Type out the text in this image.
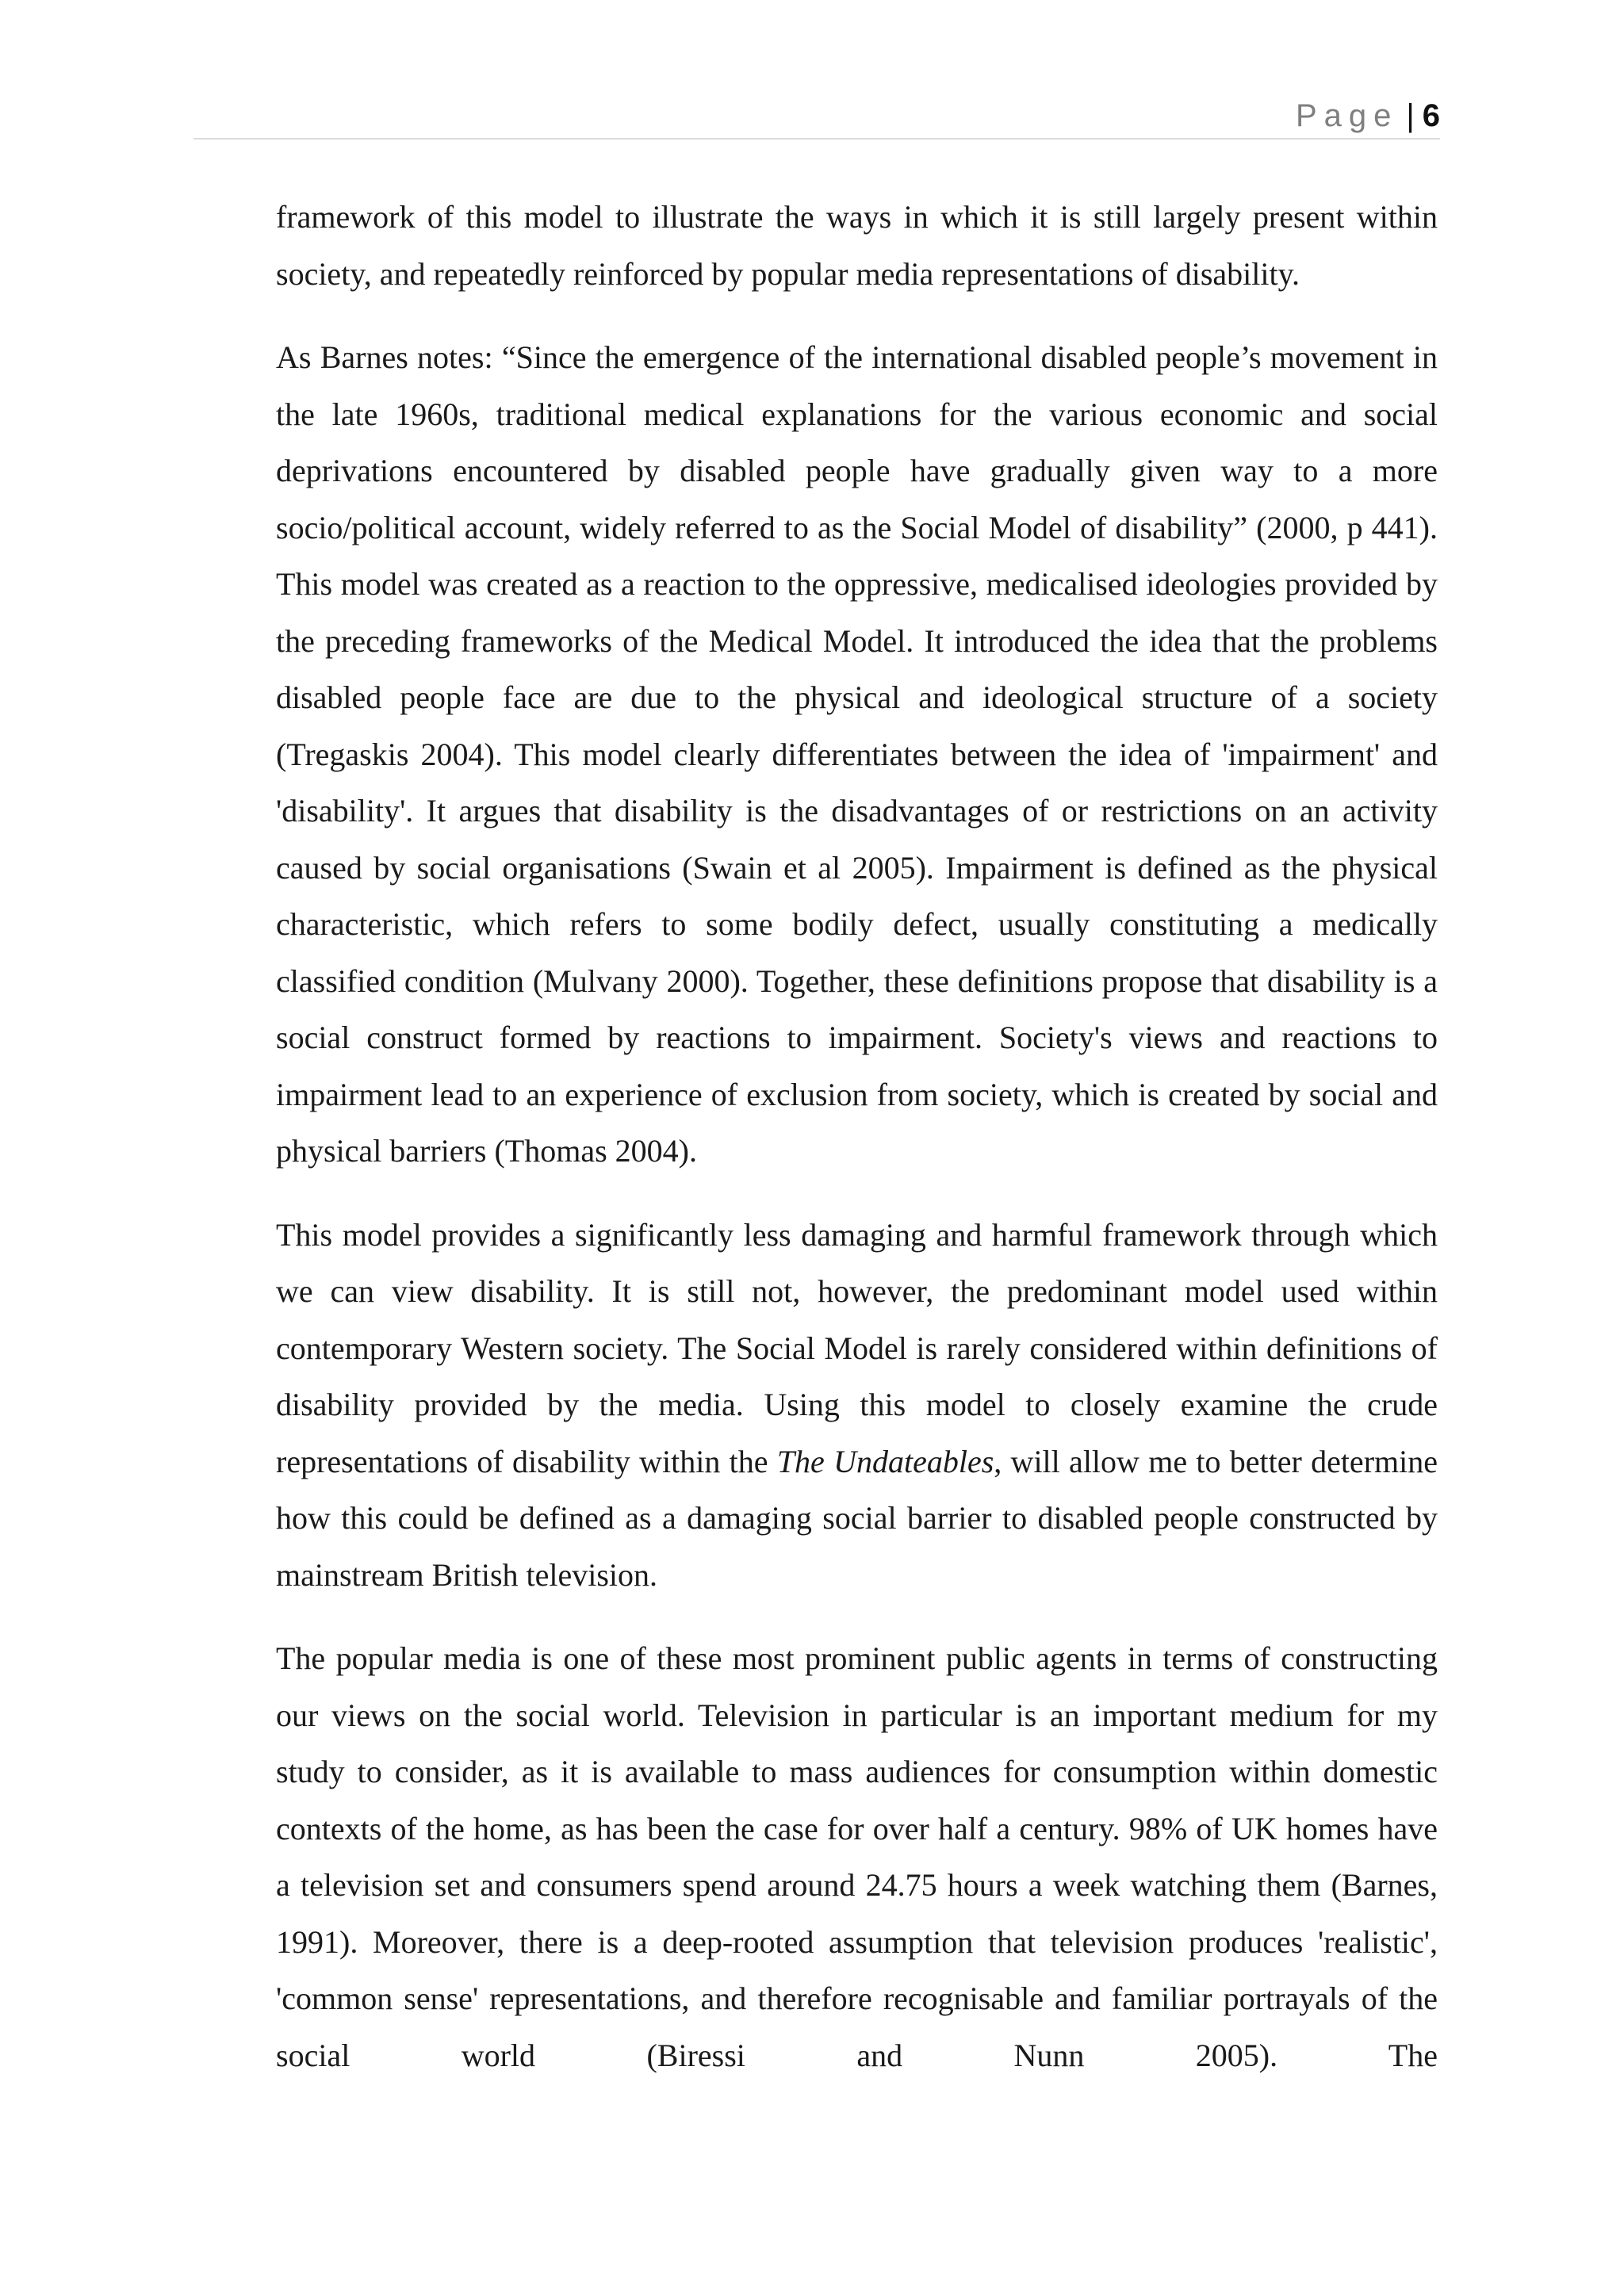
Page | 6

framework of this model to illustrate the ways in which it is still largely present within society, and repeatedly reinforced by popular media representations of disability.

As Barnes notes: “Since the emergence of the international disabled people’s movement in the late 1960s, traditional medical explanations for the various economic and social deprivations encountered by disabled people have gradually given way to a more socio/political account, widely referred to as the Social Model of disability” (2000, p 441). This model was created as a reaction to the oppressive, medicalised ideologies provided by the preceding frameworks of the Medical Model. It introduced the idea that the problems disabled people face are due to the physical and ideological structure of a society (Tregaskis 2004). This model clearly differentiates between the idea of 'impairment' and 'disability'. It argues that disability is the disadvantages of or restrictions on an activity caused by social organisations (Swain et al 2005). Impairment is defined as the physical characteristic, which refers to some bodily defect, usually constituting a medically classified condition (Mulvany 2000). Together, these definitions propose that disability is a social construct formed by reactions to impairment. Society's views and reactions to impairment lead to an experience of exclusion from society, which is created by social and physical barriers (Thomas 2004).

This model provides a significantly less damaging and harmful framework through which we can view disability. It is still not, however, the predominant model used within contemporary Western society. The Social Model is rarely considered within definitions of disability provided by the media. Using this model to closely examine the crude representations of disability within the The Undateables, will allow me to better determine how this could be defined as a damaging social barrier to disabled people constructed by mainstream British television.

The popular media is one of these most prominent public agents in terms of constructing our views on the social world. Television in particular is an important medium for my study to consider, as it is available to mass audiences for consumption within domestic contexts of the home, as has been the case for over half a century. 98% of UK homes have a television set and consumers spend around 24.75 hours a week watching them (Barnes, 1991). Moreover, there is a deep-rooted assumption that television produces 'realistic', 'common sense' representations, and therefore recognisable and familiar portrayals of the social world (Biressi and Nunn 2005). The
